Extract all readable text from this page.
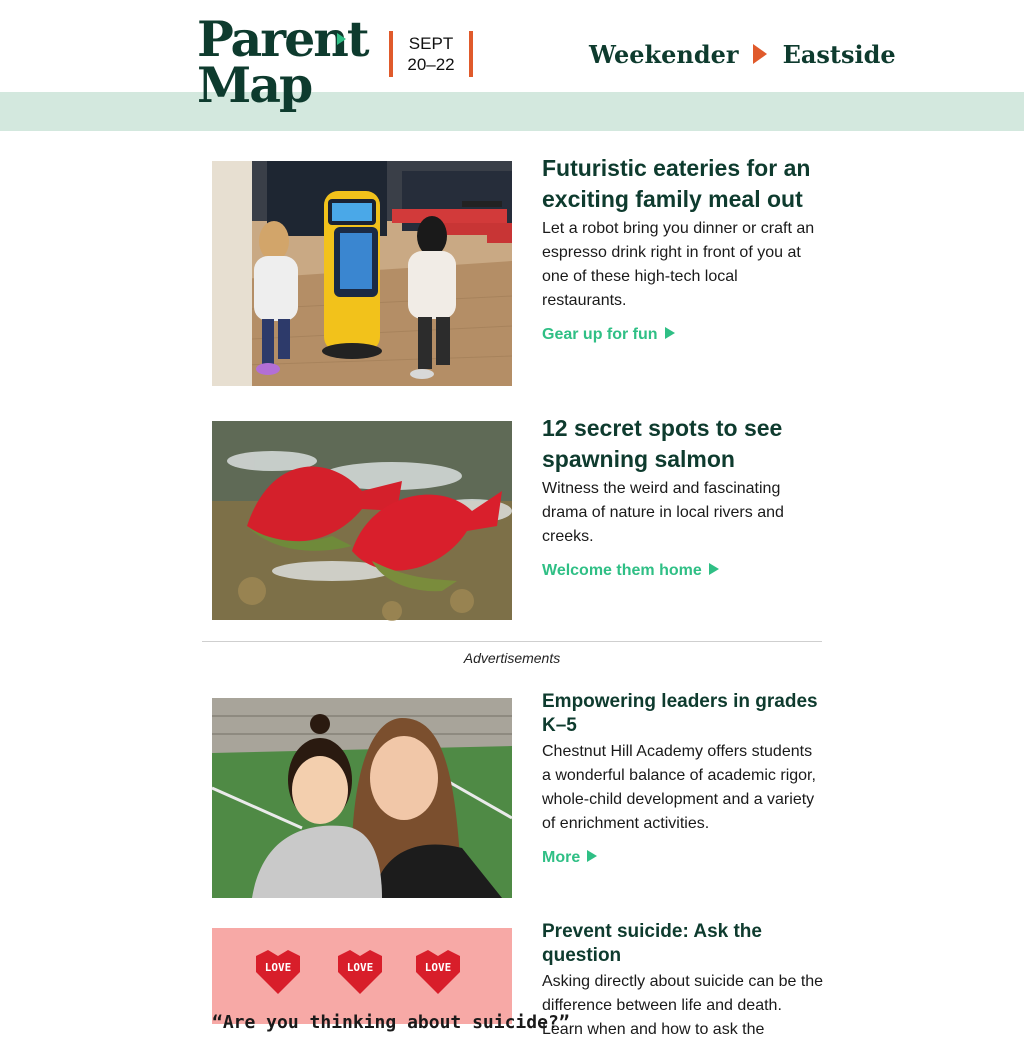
Parent
Map
SEPT
20–22	Weekender Eastside
Futuristic eateries for an exciting family meal out

Let a robot bring you dinner or craft an espresso drink right in front of you at one of these high-tech local restaurants.

Gear up for fun
12 secret spots to see spawning salmon

Witness the weird and fascinating drama of nature in local rivers and creeks.

Welcome them home
Advertisements
Empowering leaders in grades K–5

Chestnut Hill Academy offers students a wonderful balance of academic rigor, whole-child development and a variety of enrichment activities.

More
LOVE	LOVE	LOVE
“Are you thinking about suicide?”
Prevent suicide: Ask the question

Asking directly about suicide can be the difference between life and death. Learn when and how to ask the
